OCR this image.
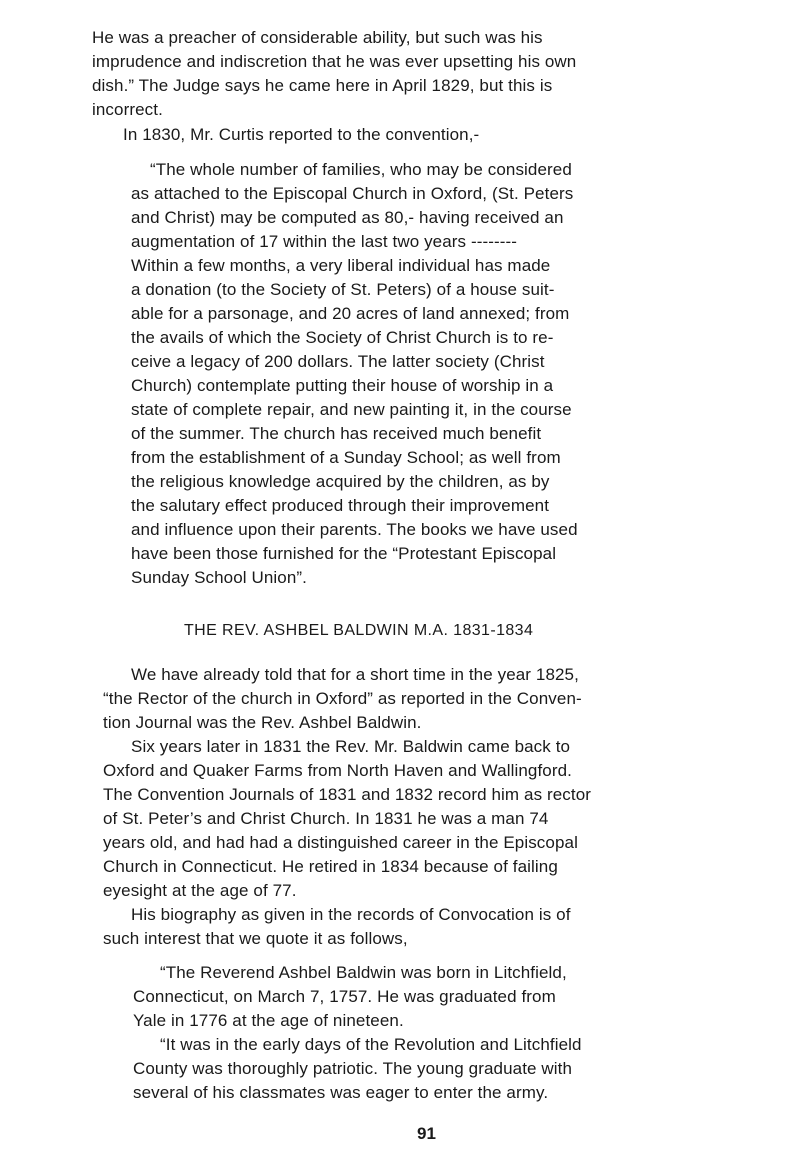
He was a preacher of considerable ability, but such was his
imprudence and indiscretion that he was ever upsetting his own
dish.” The Judge says he came here in April 1829, but this is
incorrect.
In 1830, Mr. Curtis reported to the convention,-
“The whole number of families, who may be considered
as attached to the Episcopal Church in Oxford, (St. Peters
and Christ) may be computed as 80,- having received an
augmentation of 17 within the last two years --------
Within a few months, a very liberal individual has made
a donation (to the Society of St. Peters) of a house suit-
able for a parsonage, and 20 acres of land annexed; from
the avails of which the Society of Christ Church is to re-
ceive a legacy of 200 dollars. The latter society (Christ
Church) contemplate putting their house of worship in a
state of complete repair, and new painting it, in the course
of the summer. The church has received much benefit
from the establishment of a Sunday School; as well from
the religious knowledge acquired by the children, as by
the salutary effect produced through their improvement
and influence upon their parents. The books we have used
have been those furnished for the “Protestant Episcopal
Sunday School Union”.
THE REV. ASHBEL BALDWIN M.A. 1831-1834
We have already told that for a short time in the year 1825,
“the Rector of the church in Oxford” as reported in the Conven-
tion Journal was the Rev. Ashbel Baldwin.
Six years later in 1831 the Rev. Mr. Baldwin came back to
Oxford and Quaker Farms from North Haven and Wallingford.
The Convention Journals of 1831 and 1832 record him as rector
of St. Peter’s and Christ Church. In 1831 he was a man 74
years old, and had had a distinguished career in the Episcopal
Church in Connecticut. He retired in 1834 because of failing
eyesight at the age of 77.
His biography as given in the records of Convocation is of
such interest that we quote it as follows,
“The Reverend Ashbel Baldwin was born in Litchfield,
Connecticut, on March 7, 1757. He was graduated from
Yale in 1776 at the age of nineteen.
“It was in the early days of the Revolution and Litchfield
County was thoroughly patriotic. The young graduate with
several of his classmates was eager to enter the army.
91
